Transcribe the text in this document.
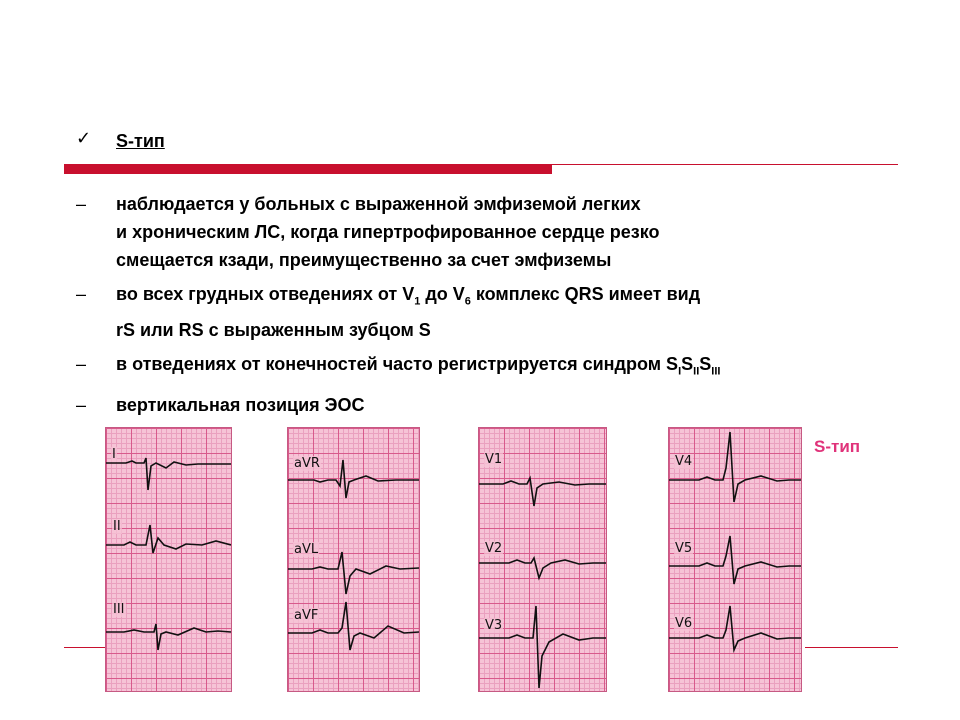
✓ S-тип
– наблюдается у больных с выраженной эмфиземой легких
и хроническим ЛС, когда гипертрофированное сердце резко
смещается кзади, преимущественно за счет эмфиземы
– во всех грудных отведениях от $V_1$ до $V_6$ комплекс QRS имеет вид
rS или RS с выраженным зубцом S
– в отведениях от конечностей часто регистрируется синдром $S_IS_{II}S_{III}$
– вертикальная позиция ЭОС
I
II
III
aVR
aVL
aVF
V1
V2
V3
V4
V5
V6
S-тип
